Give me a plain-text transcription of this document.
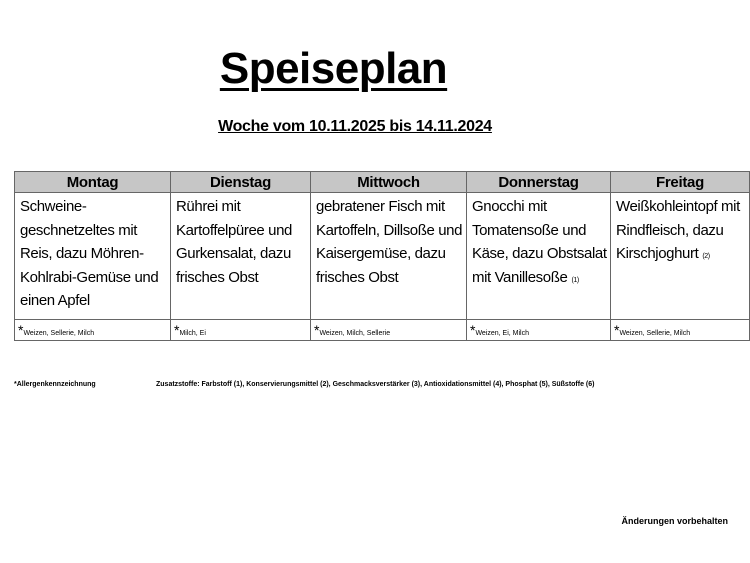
Speiseplan
Woche vom 10.11.2025 bis 14.11.2024
Montag	Dienstag	Mittwoch	Donnerstag	Freitag
Schweine-geschnetzeltes mit Reis, dazu Möhren-Kohlrabi-Gemüse und einen Apfel	Rührei mit Kartoffelpüree und Gurkensalat, dazu frisches Obst	gebratener Fisch mit Kartoffeln, Dillsoße und Kaisergemüse, dazu frisches Obst	Gnocchi mit Tomatensoße und Käse, dazu Obstsalat mit Vanillesoße (1)	Weißkohleintopf mit Rindfleisch, dazu Kirschjoghurt (2)
*Weizen, Sellerie, Milch	*Milch, Ei	*Weizen, Milch, Sellerie	*Weizen, Ei, Milch	*Weizen, Sellerie, Milch
*Allergenkennzeichnung	Zusatzstoffe: Farbstoff (1), Konservierungsmittel (2), Geschmacksverstärker (3), Antioxidationsmittel (4), Phosphat (5), Süßstoffe (6)
Änderungen vorbehalten
